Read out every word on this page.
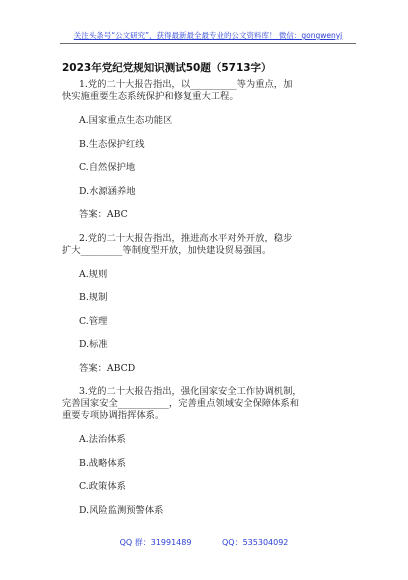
关注头条号“公文研究”，获得最新最全最专业的公文资料库！ 微信：gongwenyj
2023年党纪党规知识测试50题（5713字）

1.党的二十大报告指出，以__________等为重点，加

快实施重要生态系统保护和修复重大工程。

A.国家重点生态功能区

B.生态保护红线

C.自然保护地

D.水源涵养地

答案：ABC

2.党的二十大报告指出，推进高水平对外开放，稳步

扩大_________等制度型开放，加快建设贸易强国。

A.规则

B.规制

C.管理

D.标准

答案：ABCD

3.党的二十大报告指出，强化国家安全工作协调机制，

完善国家安全___________，完善重点领域安全保障体系和

重要专项协调指挥体系。

A.法治体系

B.战略体系

C.政策体系

D.风险监测预警体系

QQ 群：31991489	QQ：535304092
